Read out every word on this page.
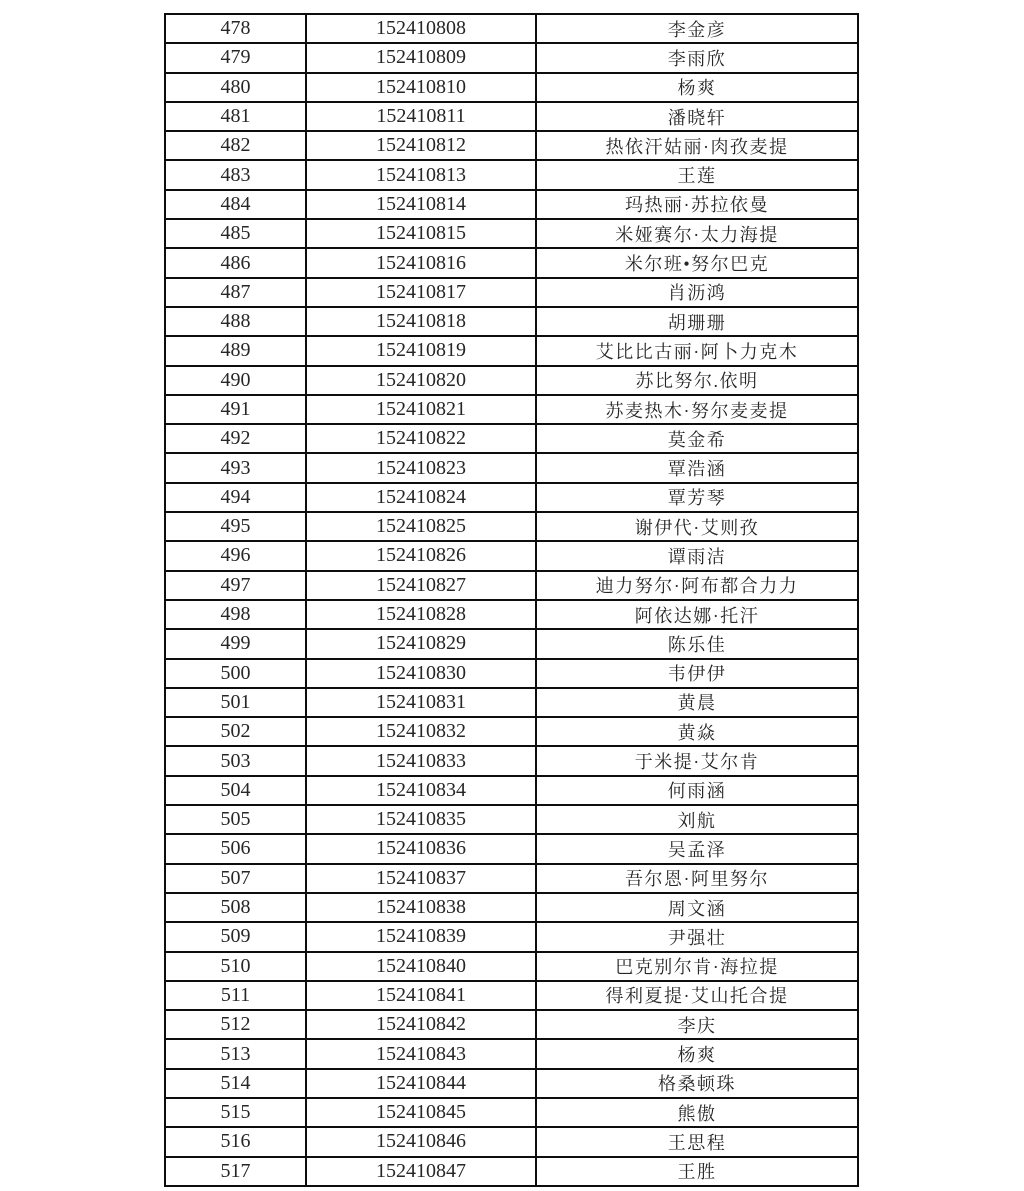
478	152410808	李金彦
479	152410809	李雨欣
480	152410810	杨爽
481	152410811	潘晓轩
482	152410812	热依汗姑丽·肉孜麦提
483	152410813	王莲
484	152410814	玛热丽·苏拉依曼
485	152410815	米娅赛尔·太力海提
486	152410816	米尔班•努尔巴克
487	152410817	肖沥鸿
488	152410818	胡珊珊
489	152410819	艾比比古丽·阿卜力克木
490	152410820	苏比努尔.依明
491	152410821	苏麦热木·努尔麦麦提
492	152410822	莫金希
493	152410823	覃浩涵
494	152410824	覃芳琴
495	152410825	谢伊代·艾则孜
496	152410826	谭雨洁
497	152410827	迪力努尔·阿布都合力力
498	152410828	阿依达娜·托汗
499	152410829	陈乐佳
500	152410830	韦伊伊
501	152410831	黄晨
502	152410832	黄焱
503	152410833	于米提·艾尔肯
504	152410834	何雨涵
505	152410835	刘航
506	152410836	吴孟泽
507	152410837	吾尔恩·阿里努尔
508	152410838	周文涵
509	152410839	尹强壮
510	152410840	巴克别尔肯·海拉提
511	152410841	得利夏提·艾山托合提
512	152410842	李庆
513	152410843	杨爽
514	152410844	格桑顿珠
515	152410845	熊傲
516	152410846	王思程
517	152410847	王胜
